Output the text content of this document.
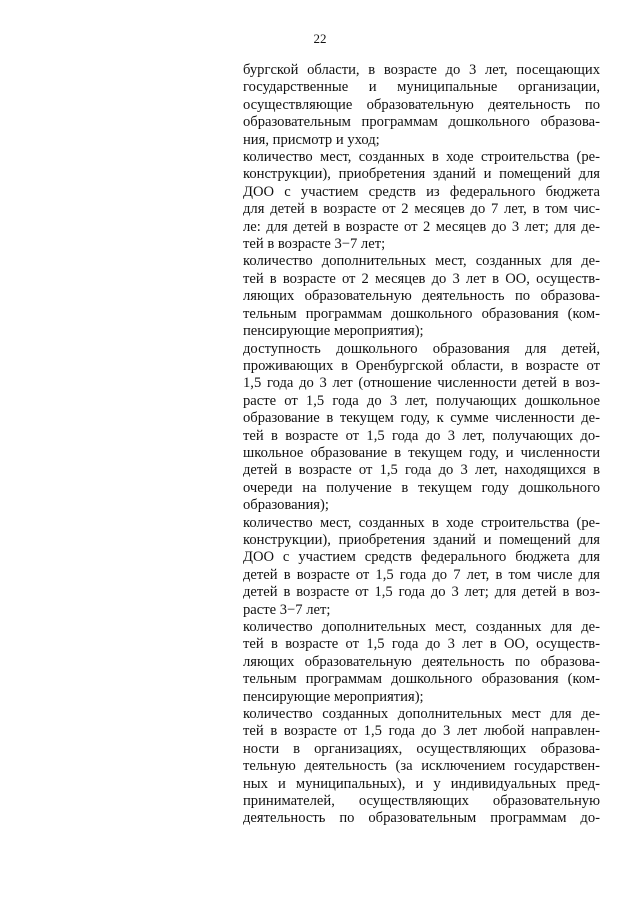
22
бургской области, в возрасте до 3 лет, посещающих
государственные и муниципальные организации,
осуществляющие образовательную деятельность по
образовательным программам дошкольного образова-
ния, присмотр и уход;
количество мест, созданных в ходе строительства (ре-
конструкции), приобретения зданий и помещений для
ДОО с участием средств из федерального бюджета
для детей в возрасте от 2 месяцев до 7 лет, в том чис-
ле: для детей в возрасте от 2 месяцев до 3 лет; для де-
тей в возрасте 3−7 лет;
количество дополнительных мест, созданных для де-
тей в возрасте от 2 месяцев до 3 лет в ОО, осуществ-
ляющих образовательную деятельность по образова-
тельным программам дошкольного образования (ком-
пенсирующие мероприятия);
доступность дошкольного образования для детей,
проживающих в Оренбургской области, в возрасте от
1,5 года до 3 лет (отношение численности детей в воз-
расте от 1,5 года до 3 лет, получающих дошкольное
образование в текущем году, к сумме численности де-
тей в возрасте от 1,5 года до 3 лет, получающих до-
школьное образование в текущем году, и численности
детей в возрасте от 1,5 года до 3 лет, находящихся в
очереди на получение в текущем году дошкольного
образования);
количество мест, созданных в ходе строительства (ре-
конструкции), приобретения зданий и помещений для
ДОО с участием средств федерального бюджета для
детей в возрасте от 1,5 года до 7 лет, в том числе для
детей в возрасте от 1,5 года до 3 лет; для детей в воз-
расте 3−7 лет;
количество дополнительных мест, созданных для де-
тей в возрасте от 1,5 года до 3 лет в ОО, осуществ-
ляющих образовательную деятельность по образова-
тельным программам дошкольного образования (ком-
пенсирующие мероприятия);
количество созданных дополнительных мест для де-
тей в возрасте от 1,5 года до 3 лет любой направлен-
ности в организациях, осуществляющих образова-
тельную деятельность (за исключением государствен-
ных и муниципальных), и у индивидуальных пред-
принимателей, осуществляющих образовательную
деятельность по образовательным программам до-
